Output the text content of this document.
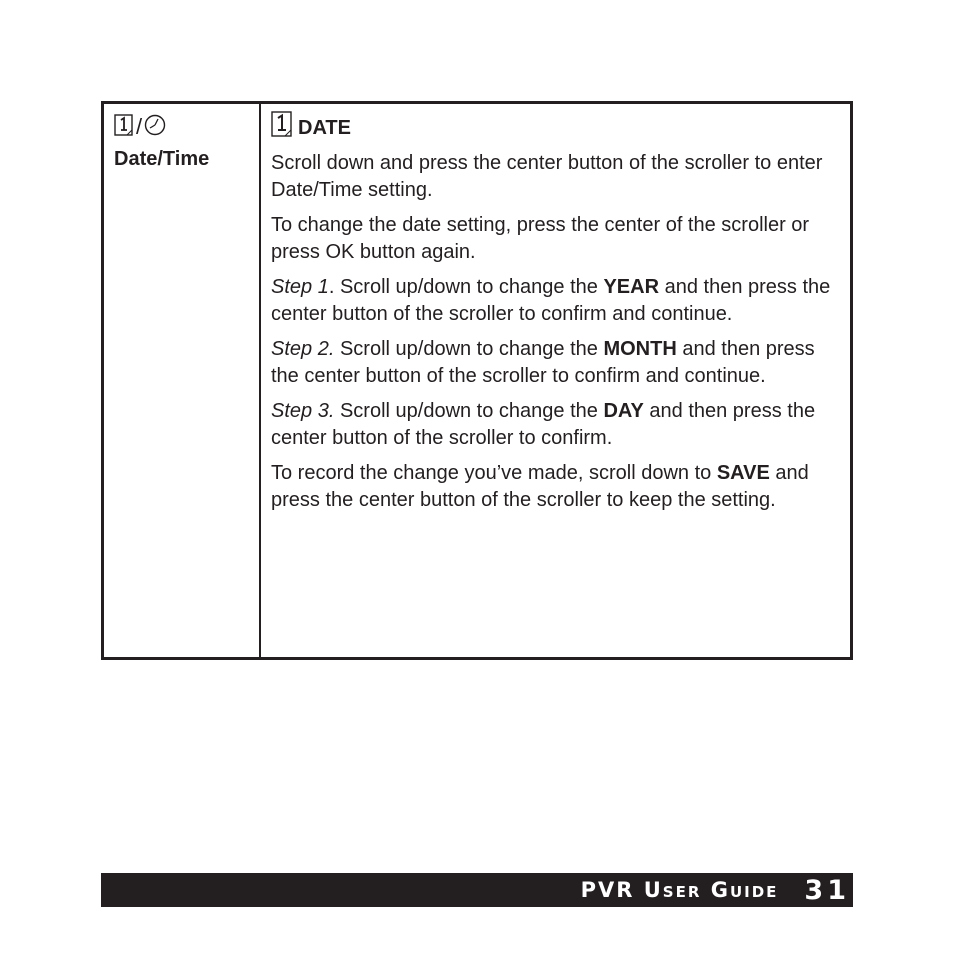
/
Date/Time
DATE
Scroll down and press the center button of the scroller to enter Date/Time setting.
To change the date setting, press the center of the scroller or press OK button again.
Step 1. Scroll up/down to change the YEAR and then press the center button of the scroller to confirm and continue.
Step 2. Scroll up/down to change the MONTH and then press the center button of the scroller to confirm and continue.
Step 3. Scroll up/down to change the DAY and then press the center button of the scroller to confirm.
To record the change you’ve made, scroll down to SAVE and press the center button of the scroller to keep the setting.
PVR User Guide 31
